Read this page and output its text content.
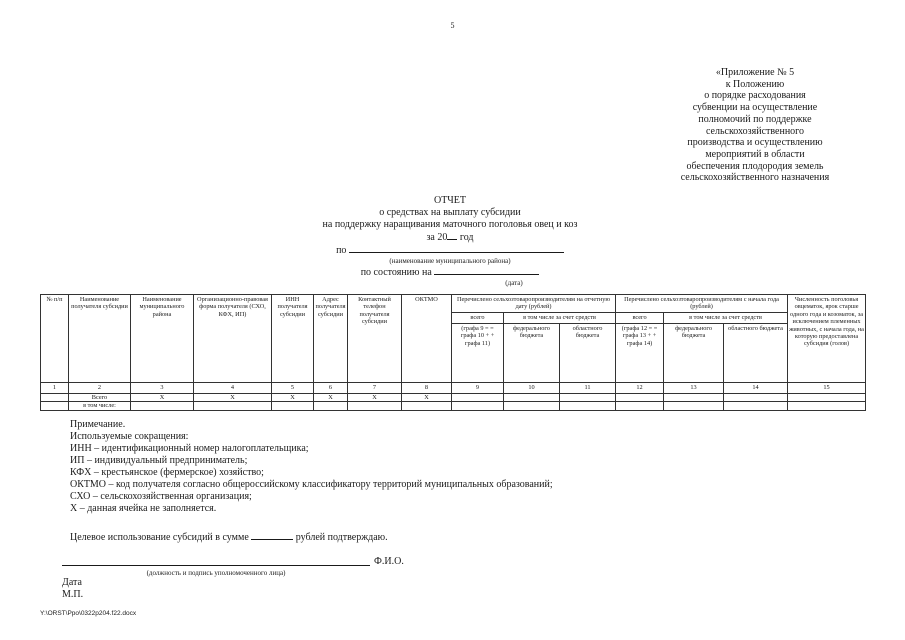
5
«Приложение № 5
к Положению
о порядке расходования
субвенции на осуществление
полномочий по поддержке
сельскохозяйственного
производства и осуществлению
мероприятий в области
обеспечения плодородия земель
сельскохозяйственного назначения
ОТЧЕТ
о средствах на выплату субсидии
на поддержку наращивания маточного поголовья овец и коз
за 20 год
по
(наименование муниципального района)
по состоянию на
(дата)
№ п/п	Наименование получателя субсидии	Наименование муниципального района	Организационно-правовая форма получателя (СХО, КФХ, ИП)	ИНН получателя субсидии	Адрес получателя субсидии	Контактный телефон получателя субсидии	ОКТМО	Перечислено сельхозтоваропроизводителям на отчетную дату (рублей)			Перечислено сельхозтоваропроизводителям с начала года (рублей)			Численность поголовья овцематок, ярок старше одного года и козоматок, за исключением племенных животных, с начала года, на которую предоставлена субсидия (голов)
								всего	в том числе за счет средств		всего	в том числе за счет средств		
								(графа 9 = = графа 10 + + графа 11)	федерального бюджета	областного бюджета	(графа 12 = = графа 13 + + графа 14)	федерального бюджета	областного бюджета	
1	2	3	4	5	6	7	8	9	10	11	12	13	14	15
	Всего	X	X	X	X	X	X							
	в том числе:													
Примечание.
Используемые сокращения:
ИНН – идентификационный номер налогоплательщика;
ИП – индивидуальный предприниматель;
КФХ – крестьянское (фермерское) хозяйство;
ОКТМО – код получателя согласно общероссийскому классификатору территорий муниципальных образований;
СХО – сельскохозяйственная организация;
Х – данная ячейка не заполняется.
Целевое использование субсидий в сумме	рублей подтверждаю.
Ф.И.О.
(должность и подпись уполномоченного лица)
Дата
М.П.
Y:\ORST\Ppo\0322p204.f22.docx
